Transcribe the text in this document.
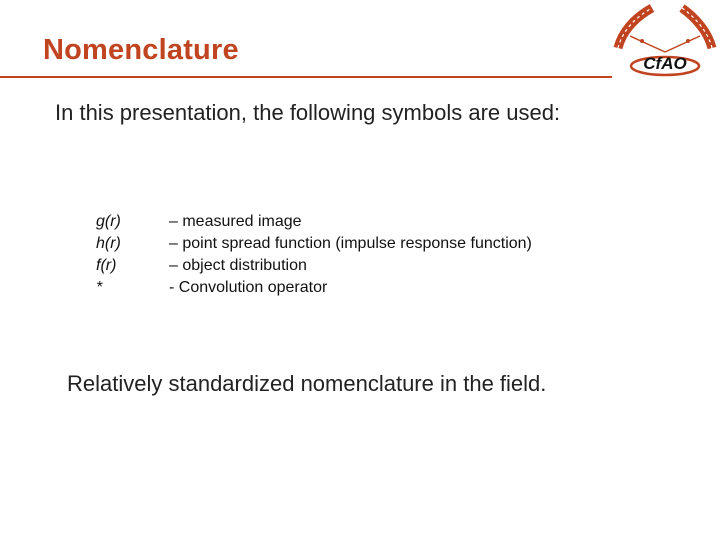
Nomenclature	CfAO

In this presentation, the following symbols are used:

g(r)	– measured image
h(r)	– point spread function (impulse response function)
f(r)	– object distribution
*	- Convolution operator

Relatively standardized nomenclature in the field.
